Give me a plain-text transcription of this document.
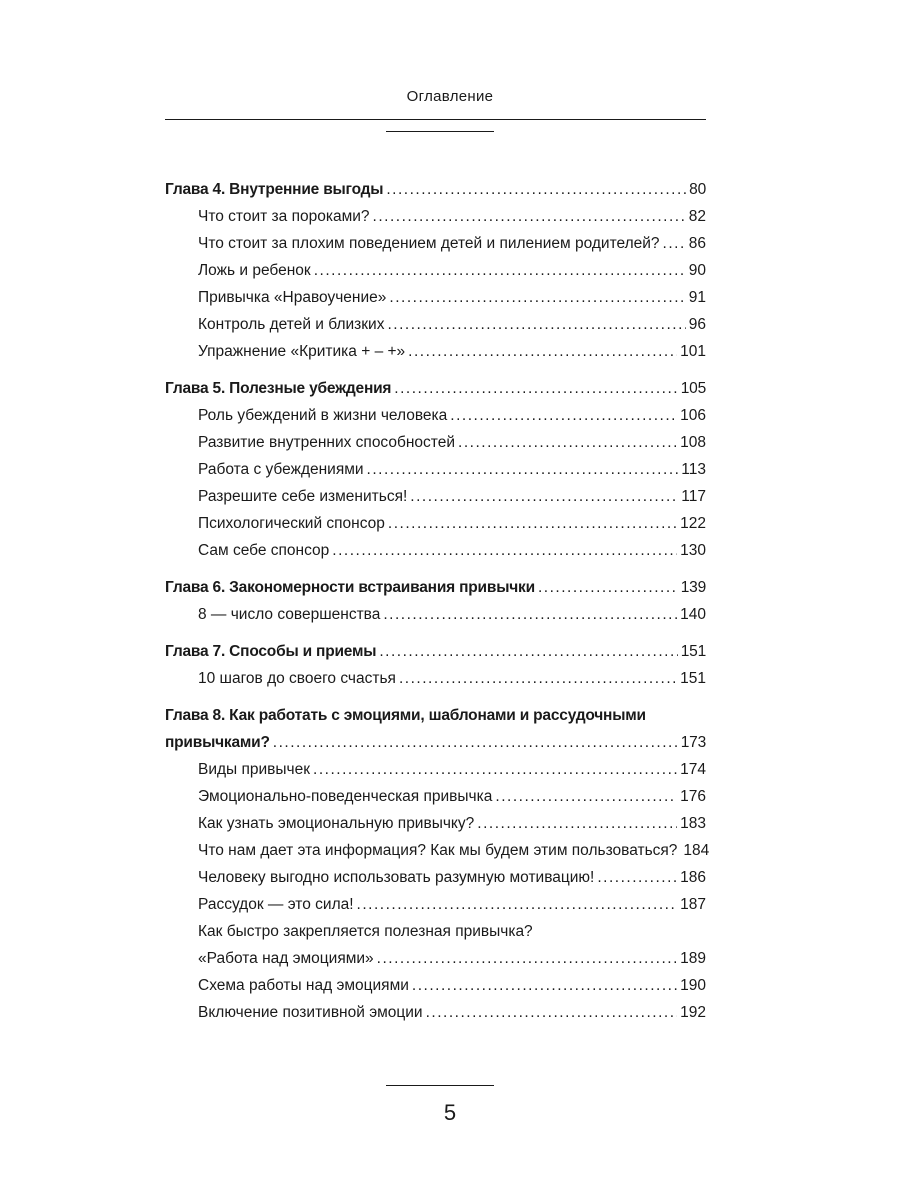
Оглавление
Глава 4. Внутренние выгоды . . .	80
Что стоит за пороками? . . .	82
Что стоит за плохим поведением детей и пилением родителей? . . . 86
Ложь и ребенок . . .	90
Привычка «Нравоучение» . . .	91
Контроль детей и близких . . .	96
Упражнение «Критика + – +» . . .	101
Глава 5. Полезные убеждения . . .	105
Роль убеждений в жизни человека . . .	106
Развитие внутренних способностей . . .	108
Работа с убеждениями . . .	113
Разрешите себе измениться! . . .	117
Психологический спонсор . . .	122
Сам себе спонсор . . .	130
Глава 6. Закономерности встраивания привычки . . .	139
8 — число совершенства . . .	140
Глава 7. Способы и приемы . . .	151
10 шагов до своего счастья . . .	151
Глава 8. Как работать с эмоциями, шаблонами и рассудочными
привычками? . . .	173
Виды привычек . . .	174
Эмоционально-поведенческая привычка . . .	176
Как узнать эмоциональную привычку? . . .	183
Что нам дает эта информация? Как мы будем этим пользоваться? 184
Человеку выгодно использовать разумную мотивацию! . . .	186
Рассудок — это сила! . . .	187
Как быстро закрепляется полезная привычка?
«Работа над эмоциями» . . .	189
Схема работы над эмоциями . . .	190
Включение позитивной эмоции . . .	192
5
